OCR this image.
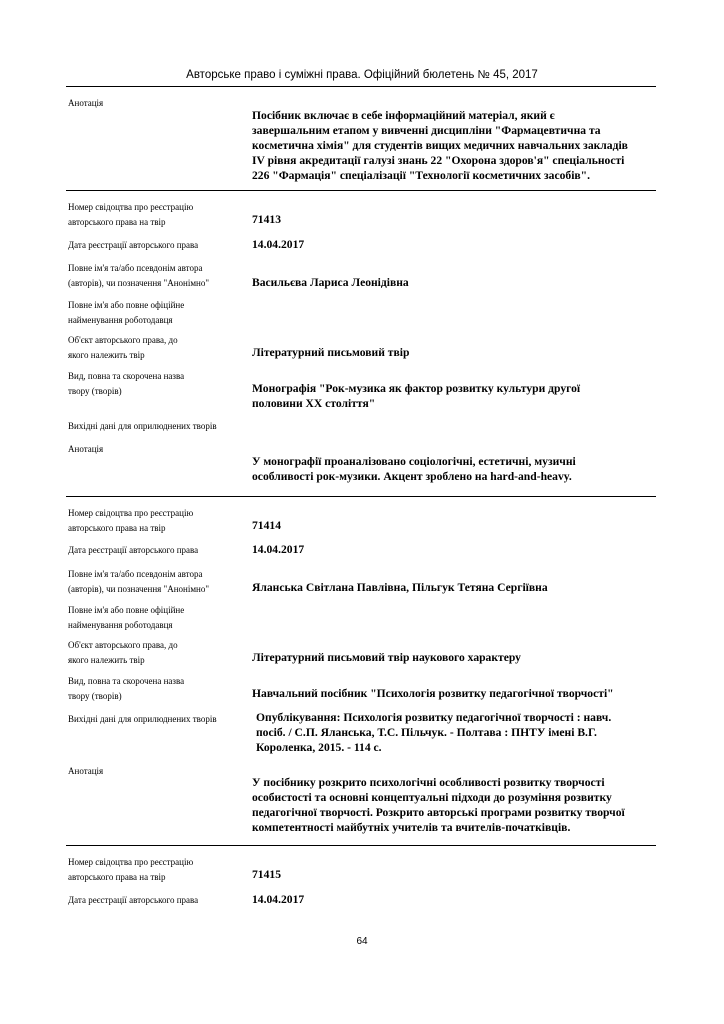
Авторське право і суміжні права. Офіційний бюлетень № 45, 2017
Анотація
Посібник включає в себе інформаційний матеріал, який є
завершальним етапом у вивченні дисципліни "Фармацевтична та
косметична хімія" для студентів вищих медичних навчальних закладів
IV рівня акредитації галузі знань 22 "Охорона здоров'я" спеціальності
226 "Фармація" спеціалізації "Технології косметичних засобів".
Номер свідоцтва про реєстрацію
авторського права на твір	71413
Дата реєстрації авторського права	14.04.2017
Повне ім'я та/або псевдонім автора
(авторів), чи позначення "Анонімно"	Васильєва Лариса Леонідівна
Повне ім'я або повне офіційне
найменування роботодавця
Об'єкт авторського права, до
якого належить твір	Літературний письмовий твір
Вид, повна та скорочена назва
твору (творів)	Монографія "Рок-музика як фактор розвитку культури другої
половини XX століття"
Вихідні дані для оприлюднених творів
Анотація
У монографії проаналізовано соціологічні, естетичні, музичні
особливості рок-музики. Акцент зроблено на hard-and-heavy.
Номер свідоцтва про реєстрацію
авторського права на твір	71414
Дата реєстрації авторського права	14.04.2017
Повне ім'я та/або псевдонім автора
(авторів), чи позначення "Анонімно"	Яланська Світлана Павлівна, Пільгук Тетяна Сергіївна
Повне ім'я або повне офіційне
найменування роботодавця
Об'єкт авторського права, до
якого належить твір	Літературний письмовий твір наукового характеру
Вид, повна та скорочена назва
твору (творів)	Навчальний посібник "Психологія розвитку педагогічної творчості"
Вихідні дані для оприлюднених творів	Опублікування: Психологія розвитку педагогічної творчості : навч.
посіб. / С.П. Яланська, Т.С. Пільчук. - Полтава : ПНТУ імені В.Г.
Короленка, 2015. - 114 с.
Анотація
У посібнику розкрито психологічні особливості розвитку творчості
особистості та основні концептуальні підходи до розуміння розвитку
педагогічної творчості. Розкрито авторські програми розвитку творчої
компетентності майбутніх учителів та вчителів-початківців.
Номер свідоцтва про реєстрацію
авторського права на твір	71415
Дата реєстрації авторського права	14.04.2017
64
